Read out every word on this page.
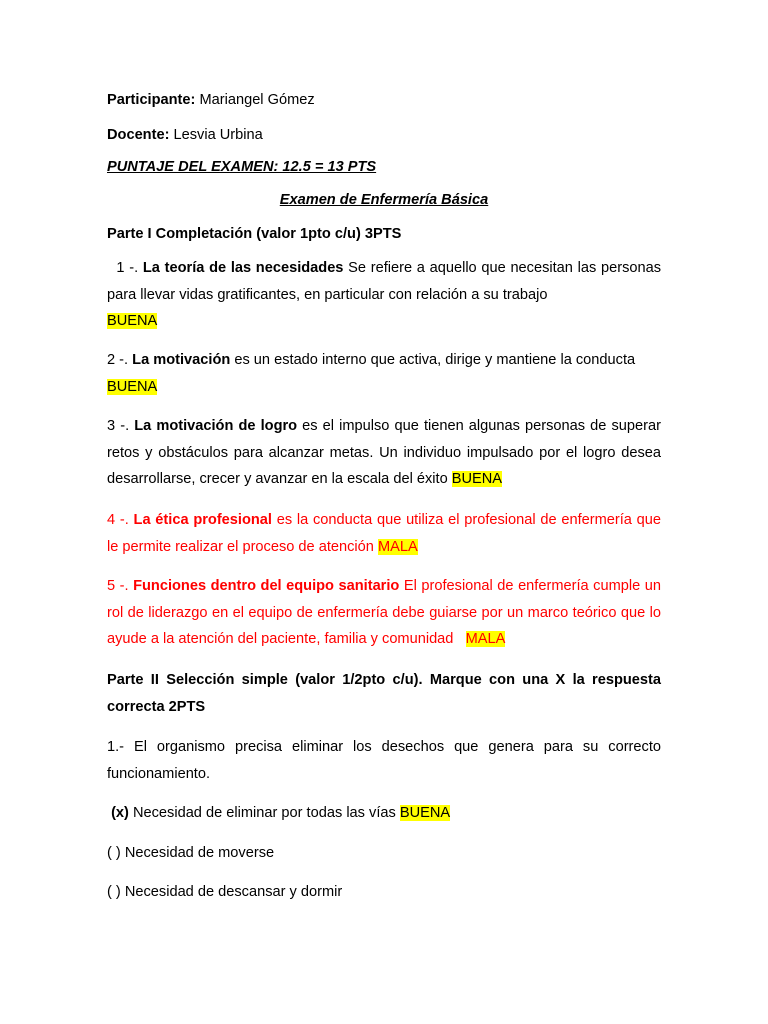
Participante: Mariangel Gómez
Docente: Lesvia Urbina
PUNTAJE DEL EXAMEN: 12.5 = 13 PTS
Examen de Enfermería Básica
Parte I Completación (valor 1pto c/u) 3PTS
1 -. La teoría de las necesidades Se refiere a aquello que necesitan las personas para llevar vidas gratificantes, en particular con relación a su trabajo
BUENA
2 -. La motivación es un estado interno que activa, dirige y mantiene la conducta
BUENA
3 -. La motivación de logro es el impulso que tienen algunas personas de superar retos y obstáculos para alcanzar metas. Un individuo impulsado por el logro desea desarrollarse, crecer y avanzar en la escala del éxito BUENA
4 -. La ética profesional es la conducta que utiliza el profesional de enfermería que le permite realizar el proceso de atención MALA
5 -. Funciones dentro del equipo sanitario El profesional de enfermería cumple un rol de liderazgo en el equipo de enfermería debe guiarse por un marco teórico que lo ayude a la atención del paciente, familia y comunidad MALA
Parte II Selección simple (valor 1/2pto c/u). Marque con una X la respuesta correcta 2PTS
1.- El organismo precisa eliminar los desechos que genera para su correcto funcionamiento.
(x) Necesidad de eliminar por todas las vías BUENA
( ) Necesidad de moverse
( ) Necesidad de descansar y dormir
